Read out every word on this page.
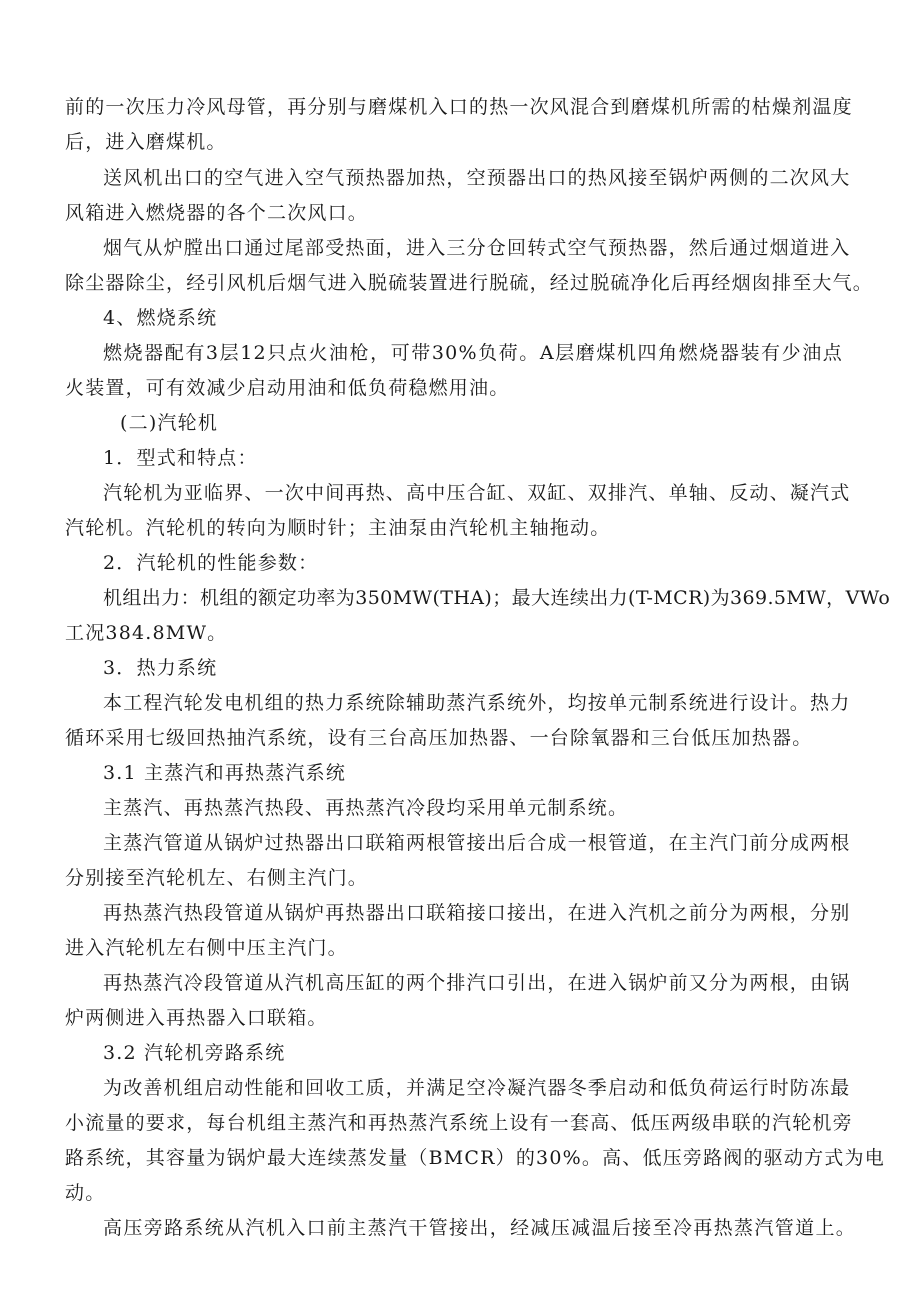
前的一次压力冷风母管，再分别与磨煤机入口的热一次风混合到磨煤机所需的枯燥剂温度

后，进入磨煤机。

送风机出口的空气进入空气预热器加热，空预器出口的热风接至锅炉两侧的二次风大

风箱进入燃烧器的各个二次风口。

烟气从炉膛出口通过尾部受热面，进入三分仓回转式空气预热器，然后通过烟道进入

除尘器除尘，经引风机后烟气进入脱硫装置进行脱硫，经过脱硫净化后再经烟囱排至大气。

4、燃烧系统

燃烧器配有3层12只点火油枪，可带30%负荷。A层磨煤机四角燃烧器装有少油点

火装置，可有效减少启动用油和低负荷稳燃用油。

(二)汽轮机

1．型式和特点：

汽轮机为亚临界、一次中间再热、高中压合缸、双缸、双排汽、单轴、反动、凝汽式

汽轮机。汽轮机的转向为顺时针；主油泵由汽轮机主轴拖动。

2．汽轮机的性能参数：

机组出力：机组的额定功率为350MW(THA)；最大连续出力(T-MCR)为369.5MW，VWo

工况384.8MW。

3．热力系统

本工程汽轮发电机组的热力系统除辅助蒸汽系统外，均按单元制系统进行设计。热力

循环采用七级回热抽汽系统，设有三台高压加热器、一台除氧器和三台低压加热器。

3.1 主蒸汽和再热蒸汽系统

主蒸汽、再热蒸汽热段、再热蒸汽冷段均采用单元制系统。

主蒸汽管道从锅炉过热器出口联箱两根管接出后合成一根管道，在主汽门前分成两根

分别接至汽轮机左、右侧主汽门。

再热蒸汽热段管道从锅炉再热器出口联箱接口接出，在进入汽机之前分为两根，分别

进入汽轮机左右侧中压主汽门。

再热蒸汽冷段管道从汽机高压缸的两个排汽口引出，在进入锅炉前又分为两根，由锅

炉两侧进入再热器入口联箱。

3.2 汽轮机旁路系统

为改善机组启动性能和回收工质，并满足空冷凝汽器冬季启动和低负荷运行时防冻最

小流量的要求，每台机组主蒸汽和再热蒸汽系统上设有一套高、低压两级串联的汽轮机旁

路系统，其容量为锅炉最大连续蒸发量（BMCR）的30%。高、低压旁路阀的驱动方式为电

动。

高压旁路系统从汽机入口前主蒸汽干管接出，经减压减温后接至冷再热蒸汽管道上。
